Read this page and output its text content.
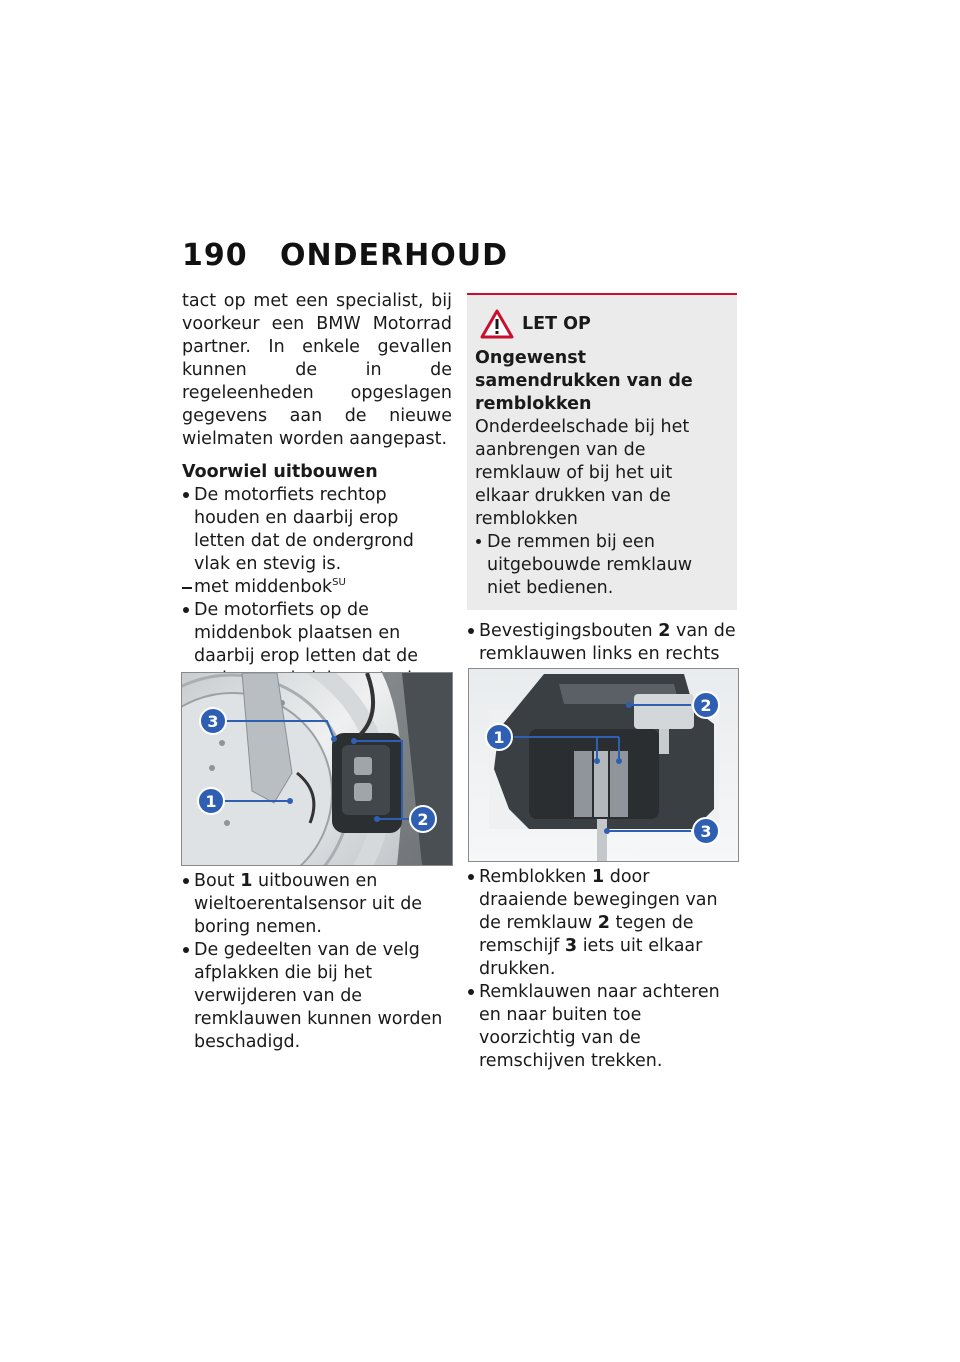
190 ONDERHOUD

tact op met een specialist, bij voorkeur een BMW Motorrad partner. In enkele gevallen kunnen de in de regeleenheden opgeslagen gegevens aan de nieuwe wielmaten worden aangepast.

Voorwiel uitbouwen

De motorfiets rechtop houden en daarbij erop letten dat de ondergrond vlak en stevig is.

met middenbok$^{SU}$

De motorfiets op de middenbok plaatsen en daarbij erop letten dat de

3
1
2

Bout 1 uitbouwen en wieltoerentalsensor uit de boring nemen.

De gedeelten van de velg afplakken die bij het verwijderen van de remklauwen kunnen worden beschadigd.

LET OP

Ongewenst samendrukken van de remblokken

Onderdeelschade bij het aanbrengen van de remklauw of bij het uit elkaar drukken van de remblokken

De remmen bij een uitgebouwde remklauw niet bedienen.

Bevestigingsbouten 2 van de remklauwen links en rechts

2
1
3

Remblokken 1 door draaiende bewegingen van de remklauw 2 tegen de remschijf 3 iets uit elkaar drukken.

Remklauwen naar achteren en naar buiten toe voorzichtig van de remschijven trekken.
